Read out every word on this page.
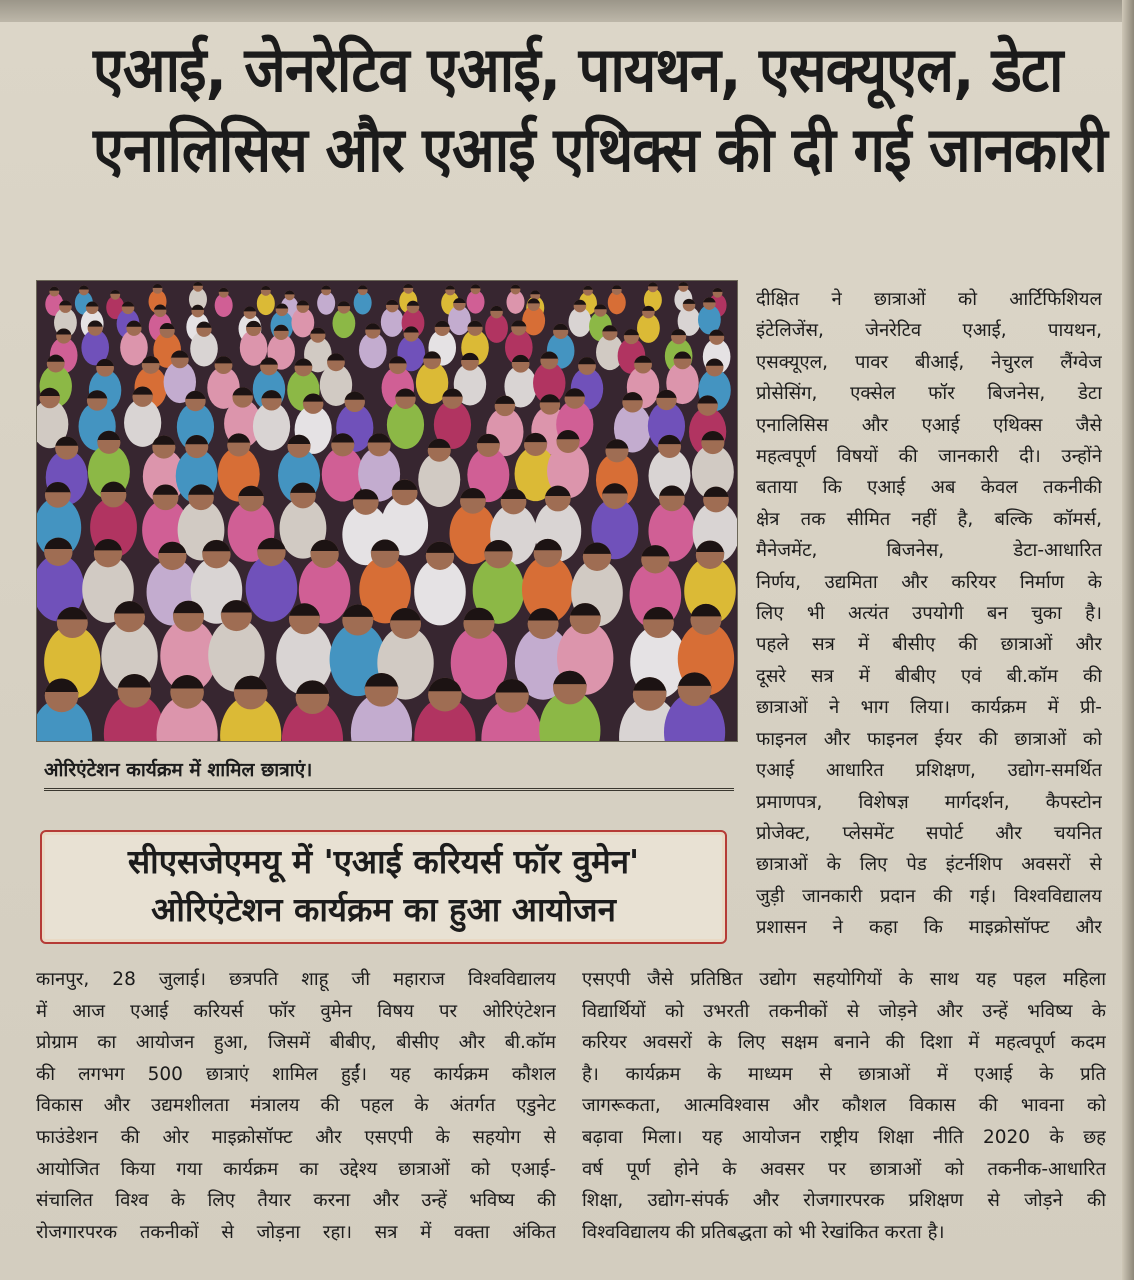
एआई, जेनरेटिव एआई, पायथन, एसक्यूएल, डेटा
एनालिसिस और एआई एथिक्स की दी गई जानकारी
ओरिएंटेशन कार्यक्रम में शामिल छात्राएं।
सीएसजेएमयू में 'एआई करियर्स फॉर वुमेन'
ओरिएंटेशन कार्यक्रम का हुआ आयोजन

दीक्षित ने छात्राओं को आर्टिफिशियल
इंटेलिजेंस, जेनरेटिव एआई, पायथन,
एसक्यूएल, पावर बीआई, नेचुरल लैंग्वेज
प्रोसेसिंग, एक्सेल फॉर बिजनेस, डेटा
एनालिसिस और एआई एथिक्स जैसे
महत्वपूर्ण विषयों की जानकारी दी। उन्होंने
बताया कि एआई अब केवल तकनीकी
क्षेत्र तक सीमित नहीं है, बल्कि कॉमर्स,
मैनेजमेंट, बिजनेस, डेटा-आधारित
निर्णय, उद्यमिता और करियर निर्माण के
लिए भी अत्यंत उपयोगी बन चुका है।
पहले सत्र में बीसीए की छात्राओं और
दूसरे सत्र में बीबीए एवं बी.कॉम की
छात्राओं ने भाग लिया। कार्यक्रम में प्री-
फाइनल और फाइनल ईयर की छात्राओं को
एआई आधारित प्रशिक्षण, उद्योग-समर्थित
प्रमाणपत्र, विशेषज्ञ मार्गदर्शन, कैपस्टोन
प्रोजेक्ट, प्लेसमेंट सपोर्ट और चयनित
छात्राओं के लिए पेड इंटर्नशिप अवसरों से
जुड़ी जानकारी प्रदान की गई। विश्वविद्यालय
प्रशासन ने कहा कि माइक्रोसॉफ्ट और

कानपुर, 28 जुलाई। छत्रपति शाहू जी महाराज विश्वविद्यालय
में आज एआई करियर्स फॉर वुमेन विषय पर ओरिएंटेशन
प्रोग्राम का आयोजन हुआ, जिसमें बीबीए, बीसीए और बी.कॉम
की लगभग 500 छात्राएं शामिल हुईं। यह कार्यक्रम कौशल
विकास और उद्यमशीलता मंत्रालय की पहल के अंतर्गत एडुनेट
फाउंडेशन की ओर माइक्रोसॉफ्ट और एसएपी के सहयोग से
आयोजित किया गया कार्यक्रम का उद्देश्य छात्राओं को एआई-
संचालित विश्व के लिए तैयार करना और उन्हें भविष्य की
रोजगारपरक तकनीकों से जोड़ना रहा। सत्र में वक्ता अंकित
एसएपी जैसे प्रतिष्ठित उद्योग सहयोगियों के साथ यह पहल महिला
विद्यार्थियों को उभरती तकनीकों से जोड़ने और उन्हें भविष्य के
करियर अवसरों के लिए सक्षम बनाने की दिशा में महत्वपूर्ण कदम
है। कार्यक्रम के माध्यम से छात्राओं में एआई के प्रति
जागरूकता, आत्मविश्वास और कौशल विकास की भावना को
बढ़ावा मिला। यह आयोजन राष्ट्रीय शिक्षा नीति 2020 के छह
वर्ष पूर्ण होने के अवसर पर छात्राओं को तकनीक-आधारित
शिक्षा, उद्योग-संपर्क और रोजगारपरक प्रशिक्षण से जोड़ने की
विश्वविद्यालय की प्रतिबद्धता को भी रेखांकित करता है।
